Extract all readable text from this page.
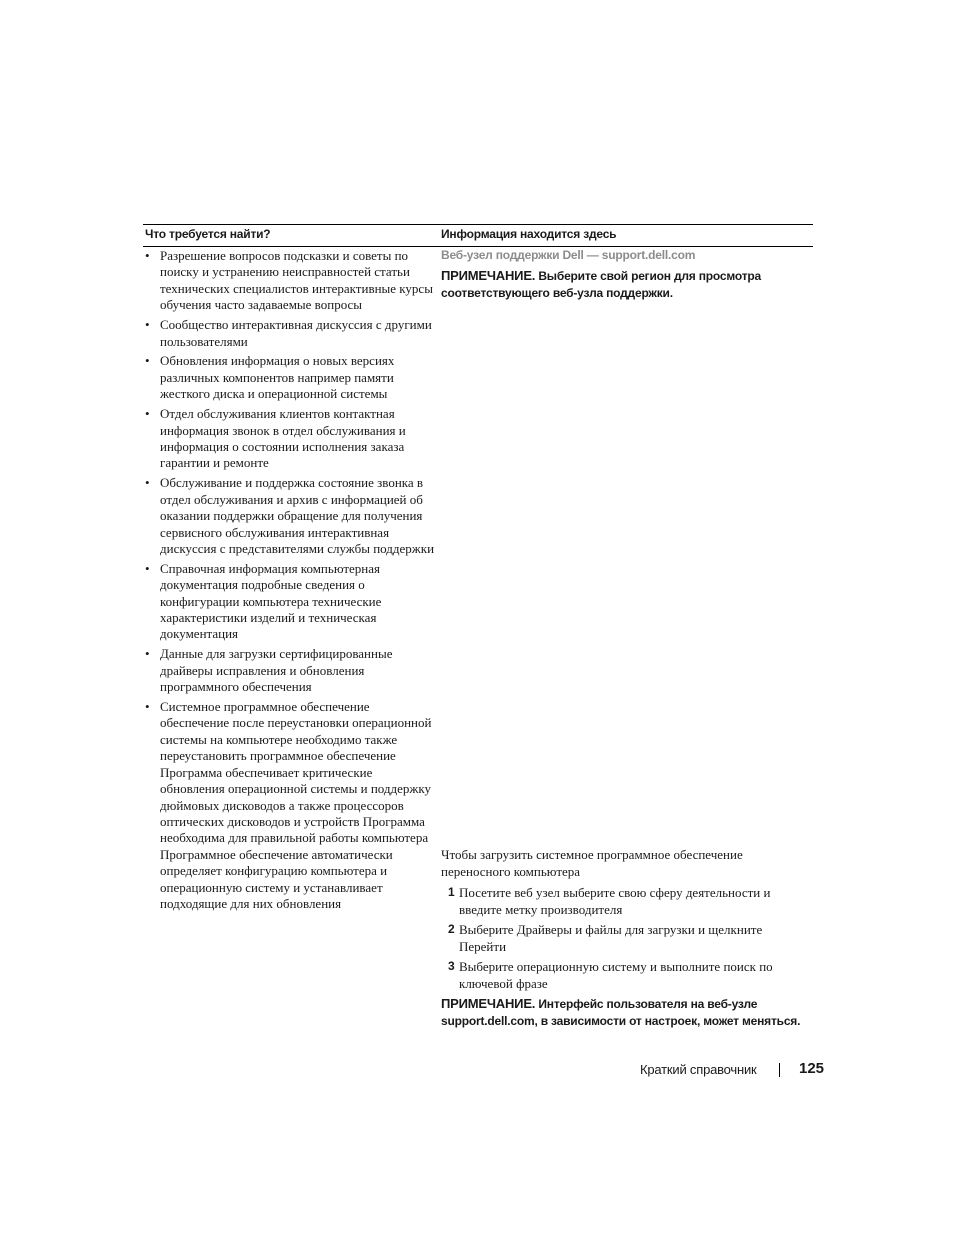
Что требуется найти?	Информация находится здесь
• Разрешение вопросов подсказки и советы по поиску и устранению неисправностей статьи технических специалистов интерактивные курсы обучения часто задаваемые вопросы

• Сообщество интерактивная дискуссия с другими пользователями

• Обновления информация о новых версиях различных компонентов например памяти жесткого диска и операционной системы

• Отдел обслуживания клиентов контактная информация звонок в отдел обслуживания и информация о состоянии исполнения заказа гарантии и ремонте

• Обслуживание и поддержка состояние звонка в отдел обслуживания и архив с информацией об оказании поддержки обращение для получения сервисного обслуживания интерактивная дискуссия с представителями службы поддержки

• Справочная информация компьютерная документация подробные сведения о конфигурации компьютера технические характеристики изделий и техническая документация

• Данные для загрузки сертифицированные драйверы исправления и обновления программного обеспечения

• Системное программное обеспечение обеспечение после переустановки операционной системы на компьютере необходимо также переустановить программное обеспечение Программа обеспечивает критические обновления операционной системы и поддержку дюймовых дисководов а также процессоров оптических дисководов и устройств Программа необходима для правильной работы компьютера Программное обеспечение автоматически определяет конфигурацию компьютера и операционную систему и устанавливает подходящие для них обновления

Веб-узел поддержки Dell — support.dell.com
ПРИМЕЧАНИЕ. Выберите свой регион для просмотра соответствующего веб-узла поддержки.
Чтобы загрузить системное программное обеспечение переносного компьютера
1 Посетите веб узел выберите свою сферу деятельности и введите метку производителя
2 Выберите Драйверы и файлы для загрузки и щелкните Перейти
3 Выберите операционную систему и выполните поиск по ключевой фразе
ПРИМЕЧАНИЕ. Интерфейс пользователя на веб-узле support.dell.com, в зависимости от настроек, может меняться.
Краткий справочник	125
